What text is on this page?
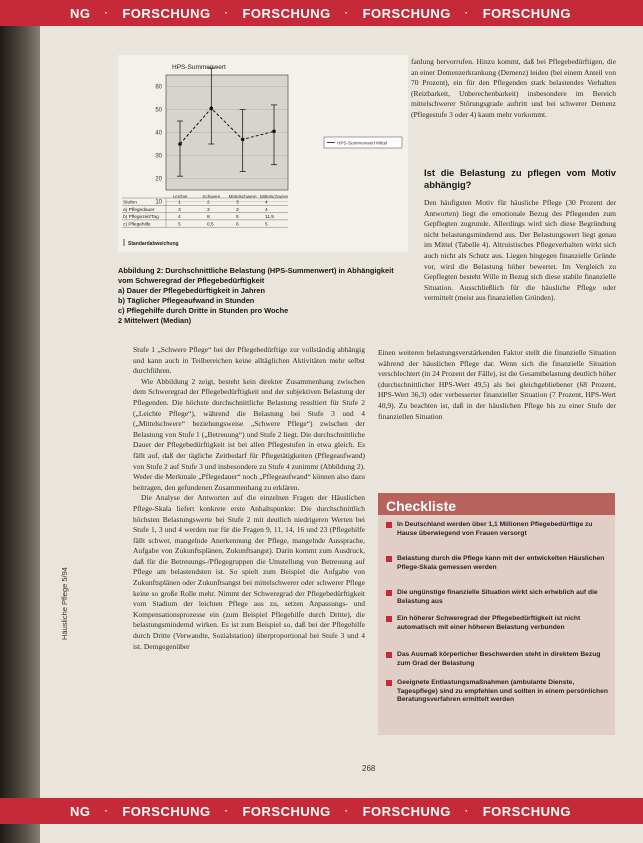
NG · FORSCHUNG · FORSCHUNG · FORSCHUNG · FORSCHUNG
HPS-Summenwert
60
50
40
30
20
10
Leichte	Schwere Mittelschwere Mittelschwere
HPS-Summenwert Mittel
Stufen	1	2	3	4
a) Pflegedauer	3	3	3	4
b) Pflegezeit/Tag	4	8	5	11,5
c) Pflegehilfe	5	0,5	6	5
Standardabweichung
Abbildung 2: Durchschnittliche Belastung (HPS-Summenwert) in Abhängigkeit vom Schweregrad der Pflegebedürftigkeit
a) Dauer der Pflegebedürftigkeit in Jahren
b) Täglicher Pflegeaufwand in Stunden
c) Pflegehilfe durch Dritte in Stunden pro Woche
2 Mittelwert (Median)

fanlung hervorrufen. Hinzu kommt, daß bei Pflegebedürftigen, die an einer Demenzerkrankung (Demenz) leiden (bei einem Anteil von 70 Prozent), ein für den Pflegenden stark belastendes Verhalten (Reizbarkeit, Unberechenbarkeit) insbesondere im Bereich mittelschwerer Störungsgrade auftritt und bei schwerer Demenz (Pflegestufe 3 oder 4) kaum mehr vorkommt.

Ist die Belastung zu pflegen vom Motiv abhängig?

Den häufigsten Motiv für häusliche Pflege (30 Prozent der Antworten) liegt die emotionale Bezug des Pflegenden zum Gepflegten zugrunde. Allerdings wird sich diese Begründung nicht belastungsmindernd aus. Der Belastungswert liegt genau im Mittel (Tabelle 4). Altruistisches Pflegeverhalten wirkt sich auch nicht als Schutz aus. Liegen hingegen finanzielle Gründe vor, wird die Belastung höher bewertet. Im Vergleich zu Gepflegten besteht Wille in Bezug sich diese stabile finanzielle Situation. Ausschließlich für die häusliche Pflege oder vermittelt (meist aus finanziellen Gründen).

Einen weiteren belastungsverstärkenden Faktor stellt die finanzielle Situation während der häuslichen Pflege dar. Wenn sich die finanzielle Situation verschlechtert (in 24 Prozent der Fälle), ist die Gesamtbelastung deutlich höher (durchschnittlicher HPS-Wert 49,5) als bei gleichgebliebener (68 Prozent, HPS-Wert 36,3) oder verbesserter finanzieller Situation (7 Prozent, HPS-Wert 40,9). Zu beachten ist, daß in der häuslichen Pflege bis zu einer Stufe der finanziellen Situation

Stufe 1 „Schwere Pflege“ bei der Pflegebedürftige zur vollständig abhängig und kann auch in Teilbereichen keine alltäglichen Aktivitäten mehr selbst durchführen.

Wie Abbildung 2 zeigt, besteht kein direkter Zusammenhang zwischen dem Schweregrad der Pflegebedürftigkeit und der subjektiven Belastung der Pflegenden. Die höchste durchschnittliche Belastung resultiert für Stufe 2 („Leichte Pflege“), während die Belastung bei Stufe 3 und 4 („Mittelschwere“ beziehungsweise „Schwere Pflege“) zwischen der Belastung von Stufe 1 („Betreuung“) und Stufe 2 liegt. Die durchschnittliche Dauer der Pflegebedürftigkeit ist bei allen Pflegestufen in etwa gleich. Es fällt auf, daß der tägliche Zeitbedarf für Pflegetätigkeiten (Pflegeaufwand) von Stufe 2 auf Stufe 3 und insbesondere zu Stufe 4 zunimmt (Abbildung 2). Weder die Merkmale „Pflegedauer“ noch „Pflegeaufwand“ können also dazu beitragen, den gefundenen Zusammenhang zu erklären.

Die Analyse der Antworten auf die einzelnen Fragen der Häuslichen Pflege-Skala liefert konkrete erste Anhaltspunkte: Die durchschnittlich höchsten Belastungswerte bei Stufe 2 mit deutlich niedrigeren Werten bei Stufe 1, 3 und 4 werden nur für die Fragen 9, 11, 14, 16 und 23 (Pflegehilfe fällt schwer, mangelnde Anerkennung der Pflege, mangelnde Aussprache, Aufgabe von Zukunftsplänen, Zukunftsangst). Darin kommt zum Ausdruck, daß für die Betreuungs-/Pflegegruppen die Umstellung von Betreuung auf Pflege am belastendsten ist. So spielt zum Beispiel die Aufgabe von Zukunftsplänen oder Zukunftsangst bei mittelschwerer oder schwerer Pflege keine so große Rolle mehr. Nimmt der Schweregrad der Pflegebedürftigkeit vom Stadium der leichten Pflege aus zu, setzen Anpassungs- und Kompensationsprozesse ein (zum Beispiel Pflegehilfe durch Dritte), die belastungsmindernd wirken. Es ist zum Beispiel so, daß bei der Pflegehilfe durch Dritte (Verwandte, Sozialstation) überproportional bei Stufe 3 und 4 ist. Demgegenüber

Checkliste
In Deutschland werden über 1,1 Millionen Pflegebedürftige zu Hause überwiegend von Frauen versorgt
Belastung durch die Pflege kann mit der entwickelten Häuslichen Pflege-Skala gemessen werden
Die ungünstige finanzielle Situation wirkt sich erheblich auf die Belastung aus
Ein höherer Schweregrad der Pflegebedürftigkeit ist nicht automatisch mit einer höheren Belastung verbunden
Das Ausmaß körperlicher Beschwerden steht in direktem Bezug zum Grad der Belastung
Geeignete Entlastungsmaßnahmen (ambulante Dienste, Tagespflege) sind zu empfehlen und sollten in einem persönlichen Beratungsverfahren ermittelt werden
268
Häusliche Pflege 5/94
NG · FORSCHUNG · FORSCHUNG · FORSCHUNG · FORSCHUNG
